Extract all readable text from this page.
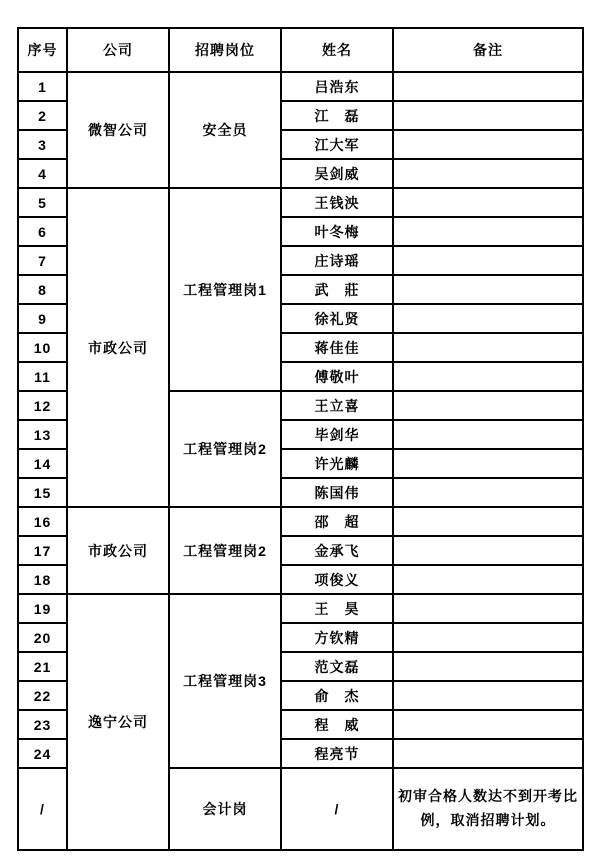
序号	公司	招聘岗位	姓名	备注
1	微智公司	安全员	吕浩东	
2			江　磊	
3			江大军	
4			吴剑威	
5	市政公司	工程管理岗1	王钱泱	
6			叶冬梅	
7			庄诗瑶	
8			武　莊	
9			徐礼贤	
10			蒋佳佳	
11			傅敬叶	
12		工程管理岗2	王立喜	
13			毕剑华	
14			许光麟	
15			陈国伟	
16	市政公司	工程管理岗2	邵　超	
17			金承飞	
18			项俊义	
19	逸宁公司	工程管理岗3	王　昊	
20			方钦精	
21			范文磊	
22			俞　杰	
23			程　威	
24			程亮节	
/		会计岗	/	初审合格人数达不到开考比例，取消招聘计划。
